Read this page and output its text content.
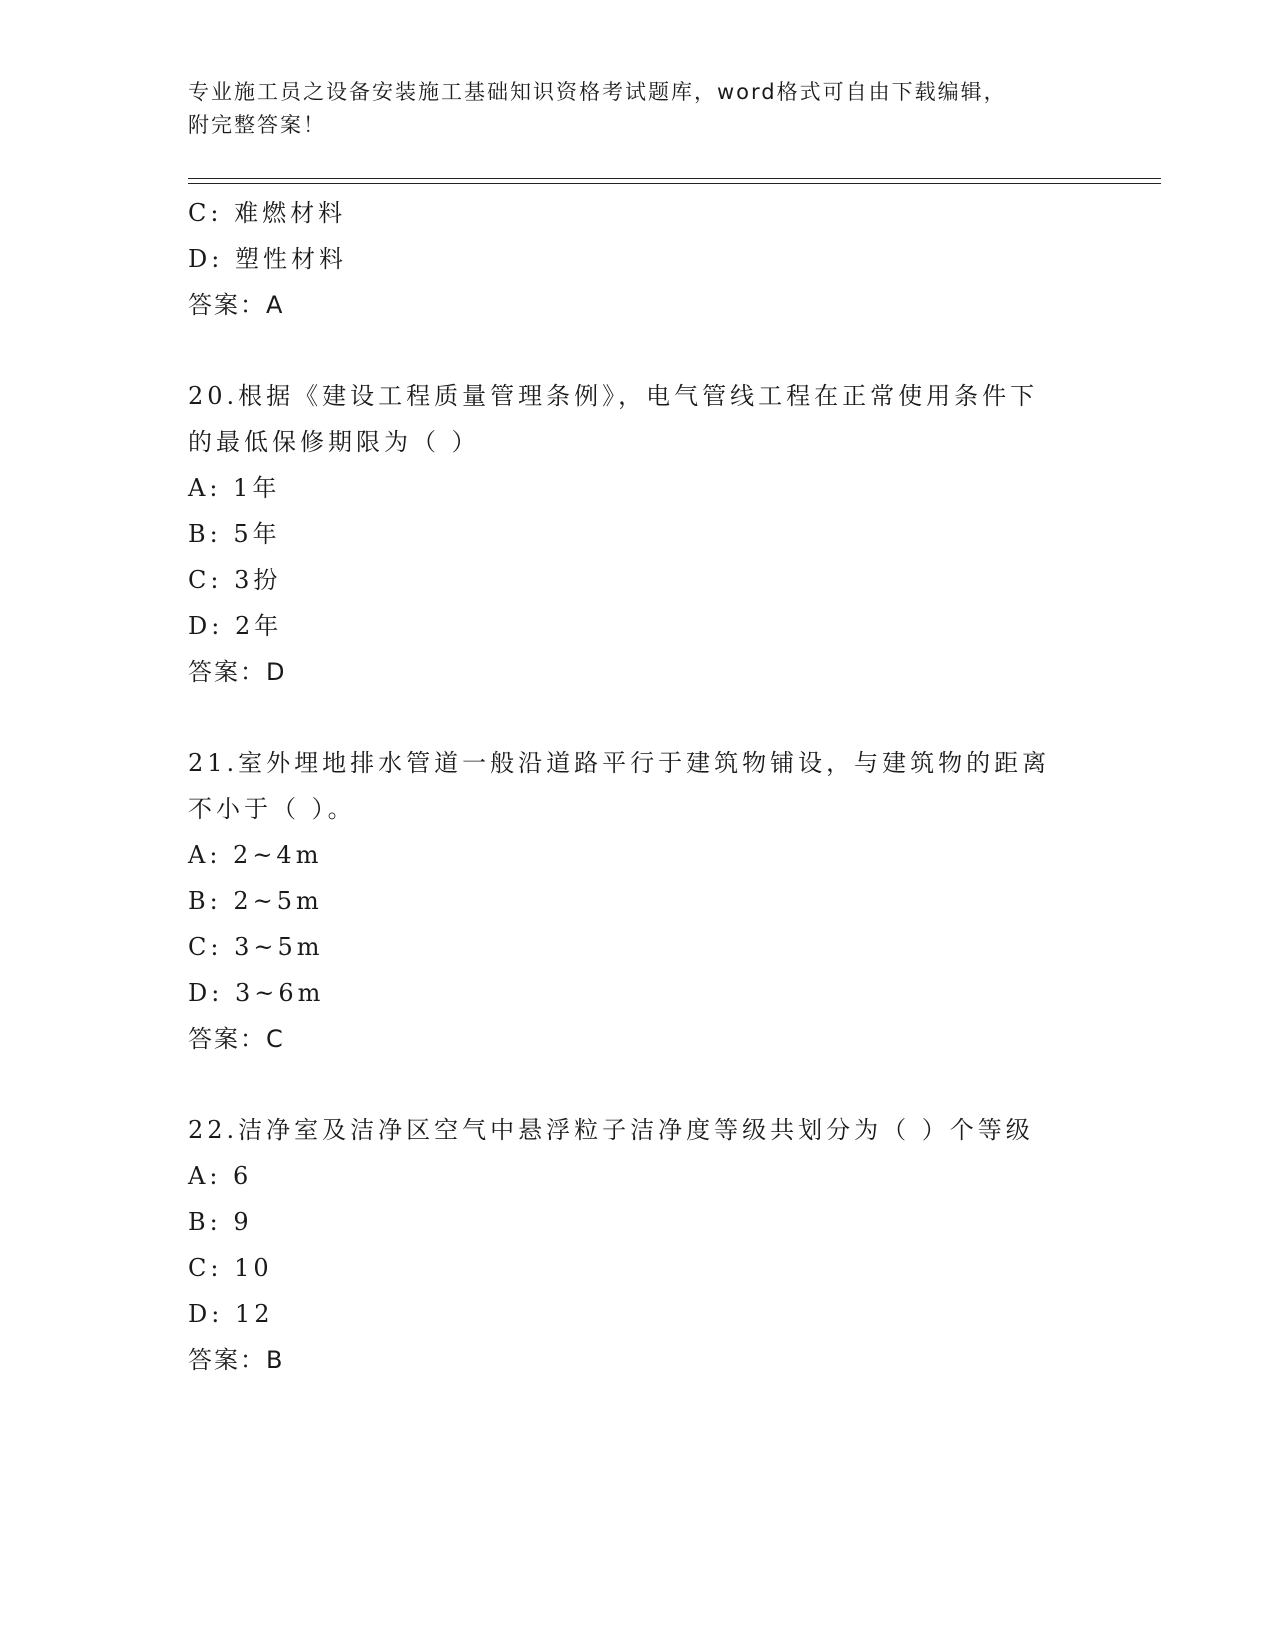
专业施工员之设备安装施工基础知识资格考试题库，word格式可自由下载编辑，
附完整答案！
C: 难燃材料
D: 塑性材料
答案：A
20.根据《建设工程质量管理条例》，电气管线工程在正常使用条件下
的最低保修期限为（ ）
A: 1年
B: 5年
C: 3扮
D: 2年
答案：D
21.室外埋地排水管道一般沿道路平行于建筑物铺设，与建筑物的距离
不小于（ ）。
A: 2~4m
B: 2~5m
C: 3~5m
D: 3~6m
答案：C
22.洁净室及洁净区空气中悬浮粒子洁净度等级共划分为（ ）个等级
A: 6
B: 9
C: 10
D: 12
答案：B
